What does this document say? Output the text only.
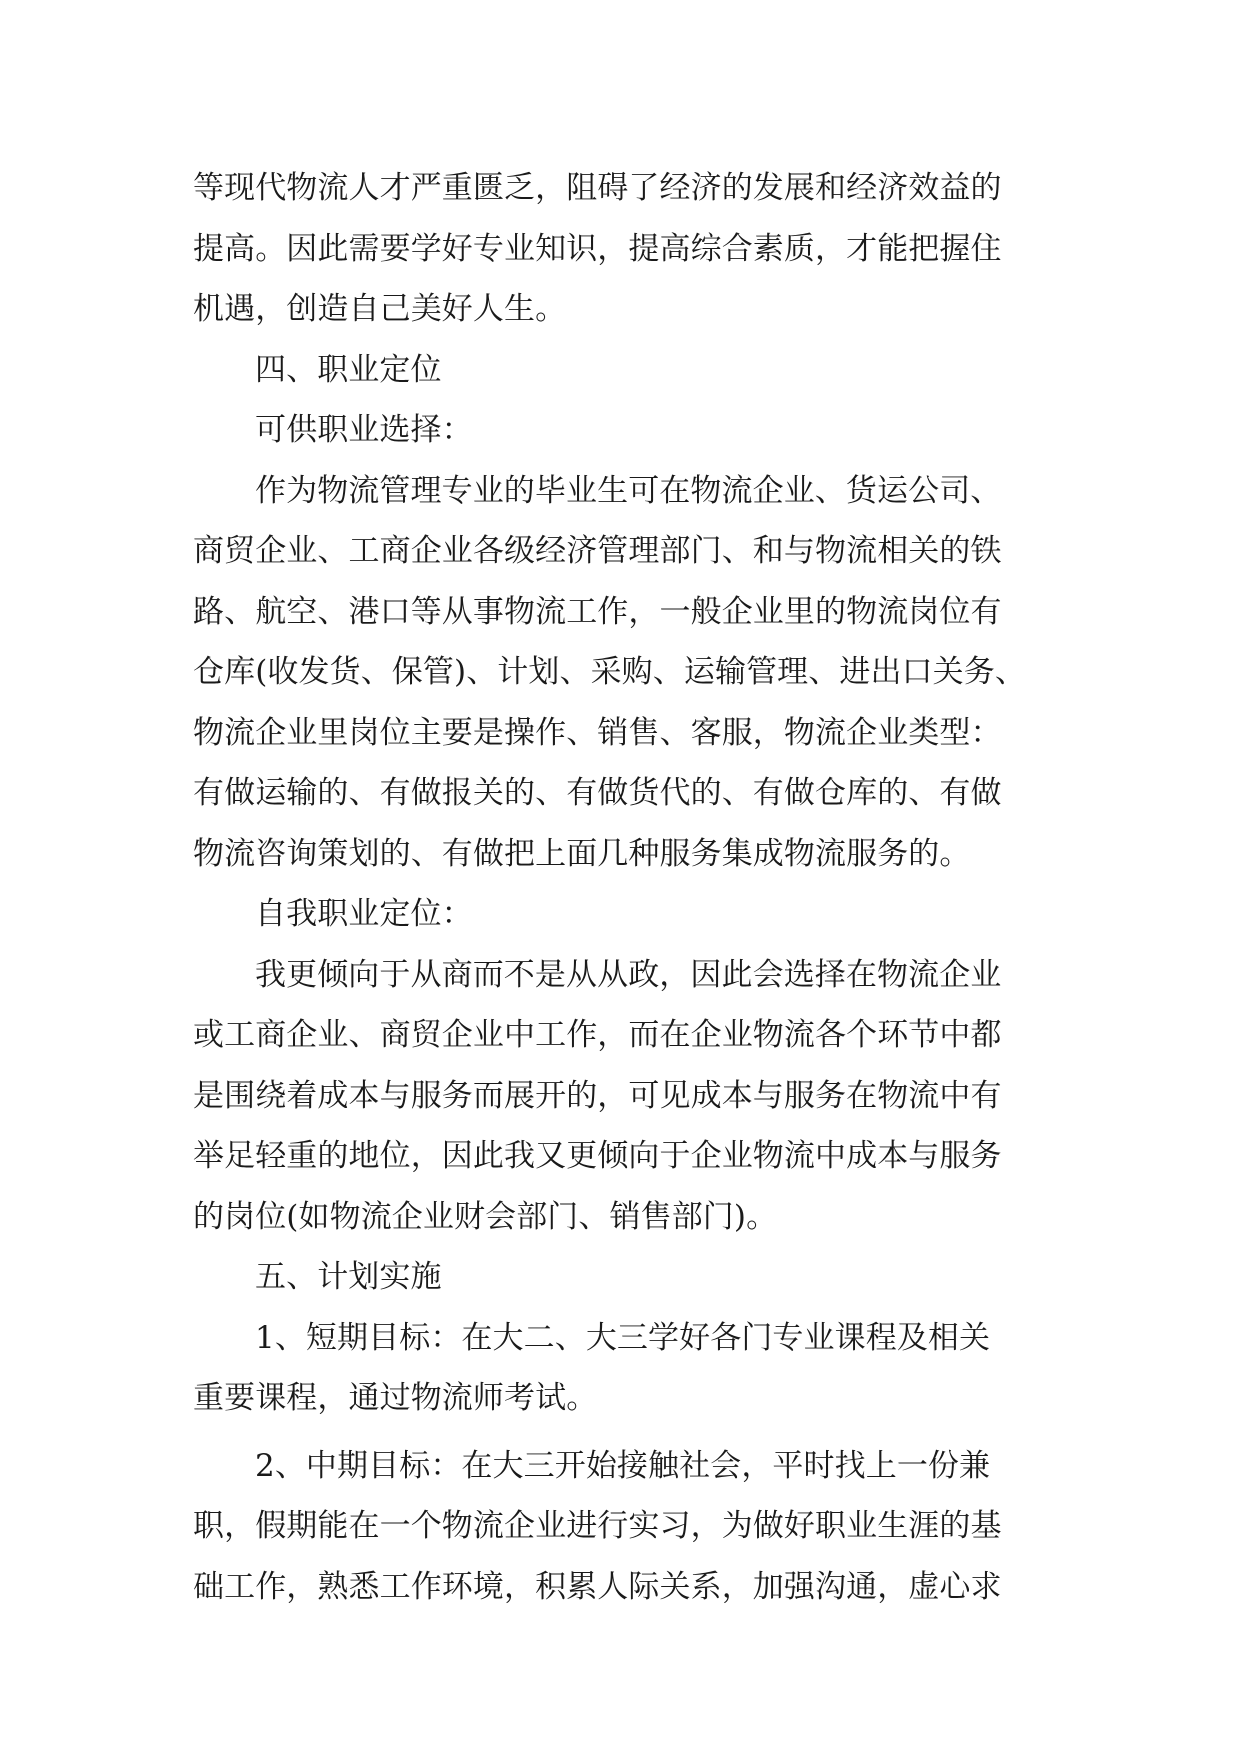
等现代物流人才严重匮乏，阻碍了经济的发展和经济效益的
提高。因此需要学好专业知识，提高综合素质，才能把握住
机遇，创造自己美好人生。
四、职业定位
可供职业选择：
作为物流管理专业的毕业生可在物流企业、货运公司、
商贸企业、工商企业各级经济管理部门、和与物流相关的铁
路、航空、港口等从事物流工作，一般企业里的物流岗位有
仓库(收发货、保管)、计划、采购、运输管理、进出口关务、
物流企业里岗位主要是操作、销售、客服，物流企业类型：
有做运输的、有做报关的、有做货代的、有做仓库的、有做
物流咨询策划的、有做把上面几种服务集成物流服务的。
自我职业定位：
我更倾向于从商而不是从从政，因此会选择在物流企业
或工商企业、商贸企业中工作，而在企业物流各个环节中都
是围绕着成本与服务而展开的，可见成本与服务在物流中有
举足轻重的地位，因此我又更倾向于企业物流中成本与服务
的岗位(如物流企业财会部门、销售部门)。
五、计划实施
1、短期目标：在大二、大三学好各门专业课程及相关
重要课程，通过物流师考试。
2、中期目标：在大三开始接触社会，平时找上一份兼
职，假期能在一个物流企业进行实习，为做好职业生涯的基
础工作，熟悉工作环境，积累人际关系，加强沟通，虚心求
